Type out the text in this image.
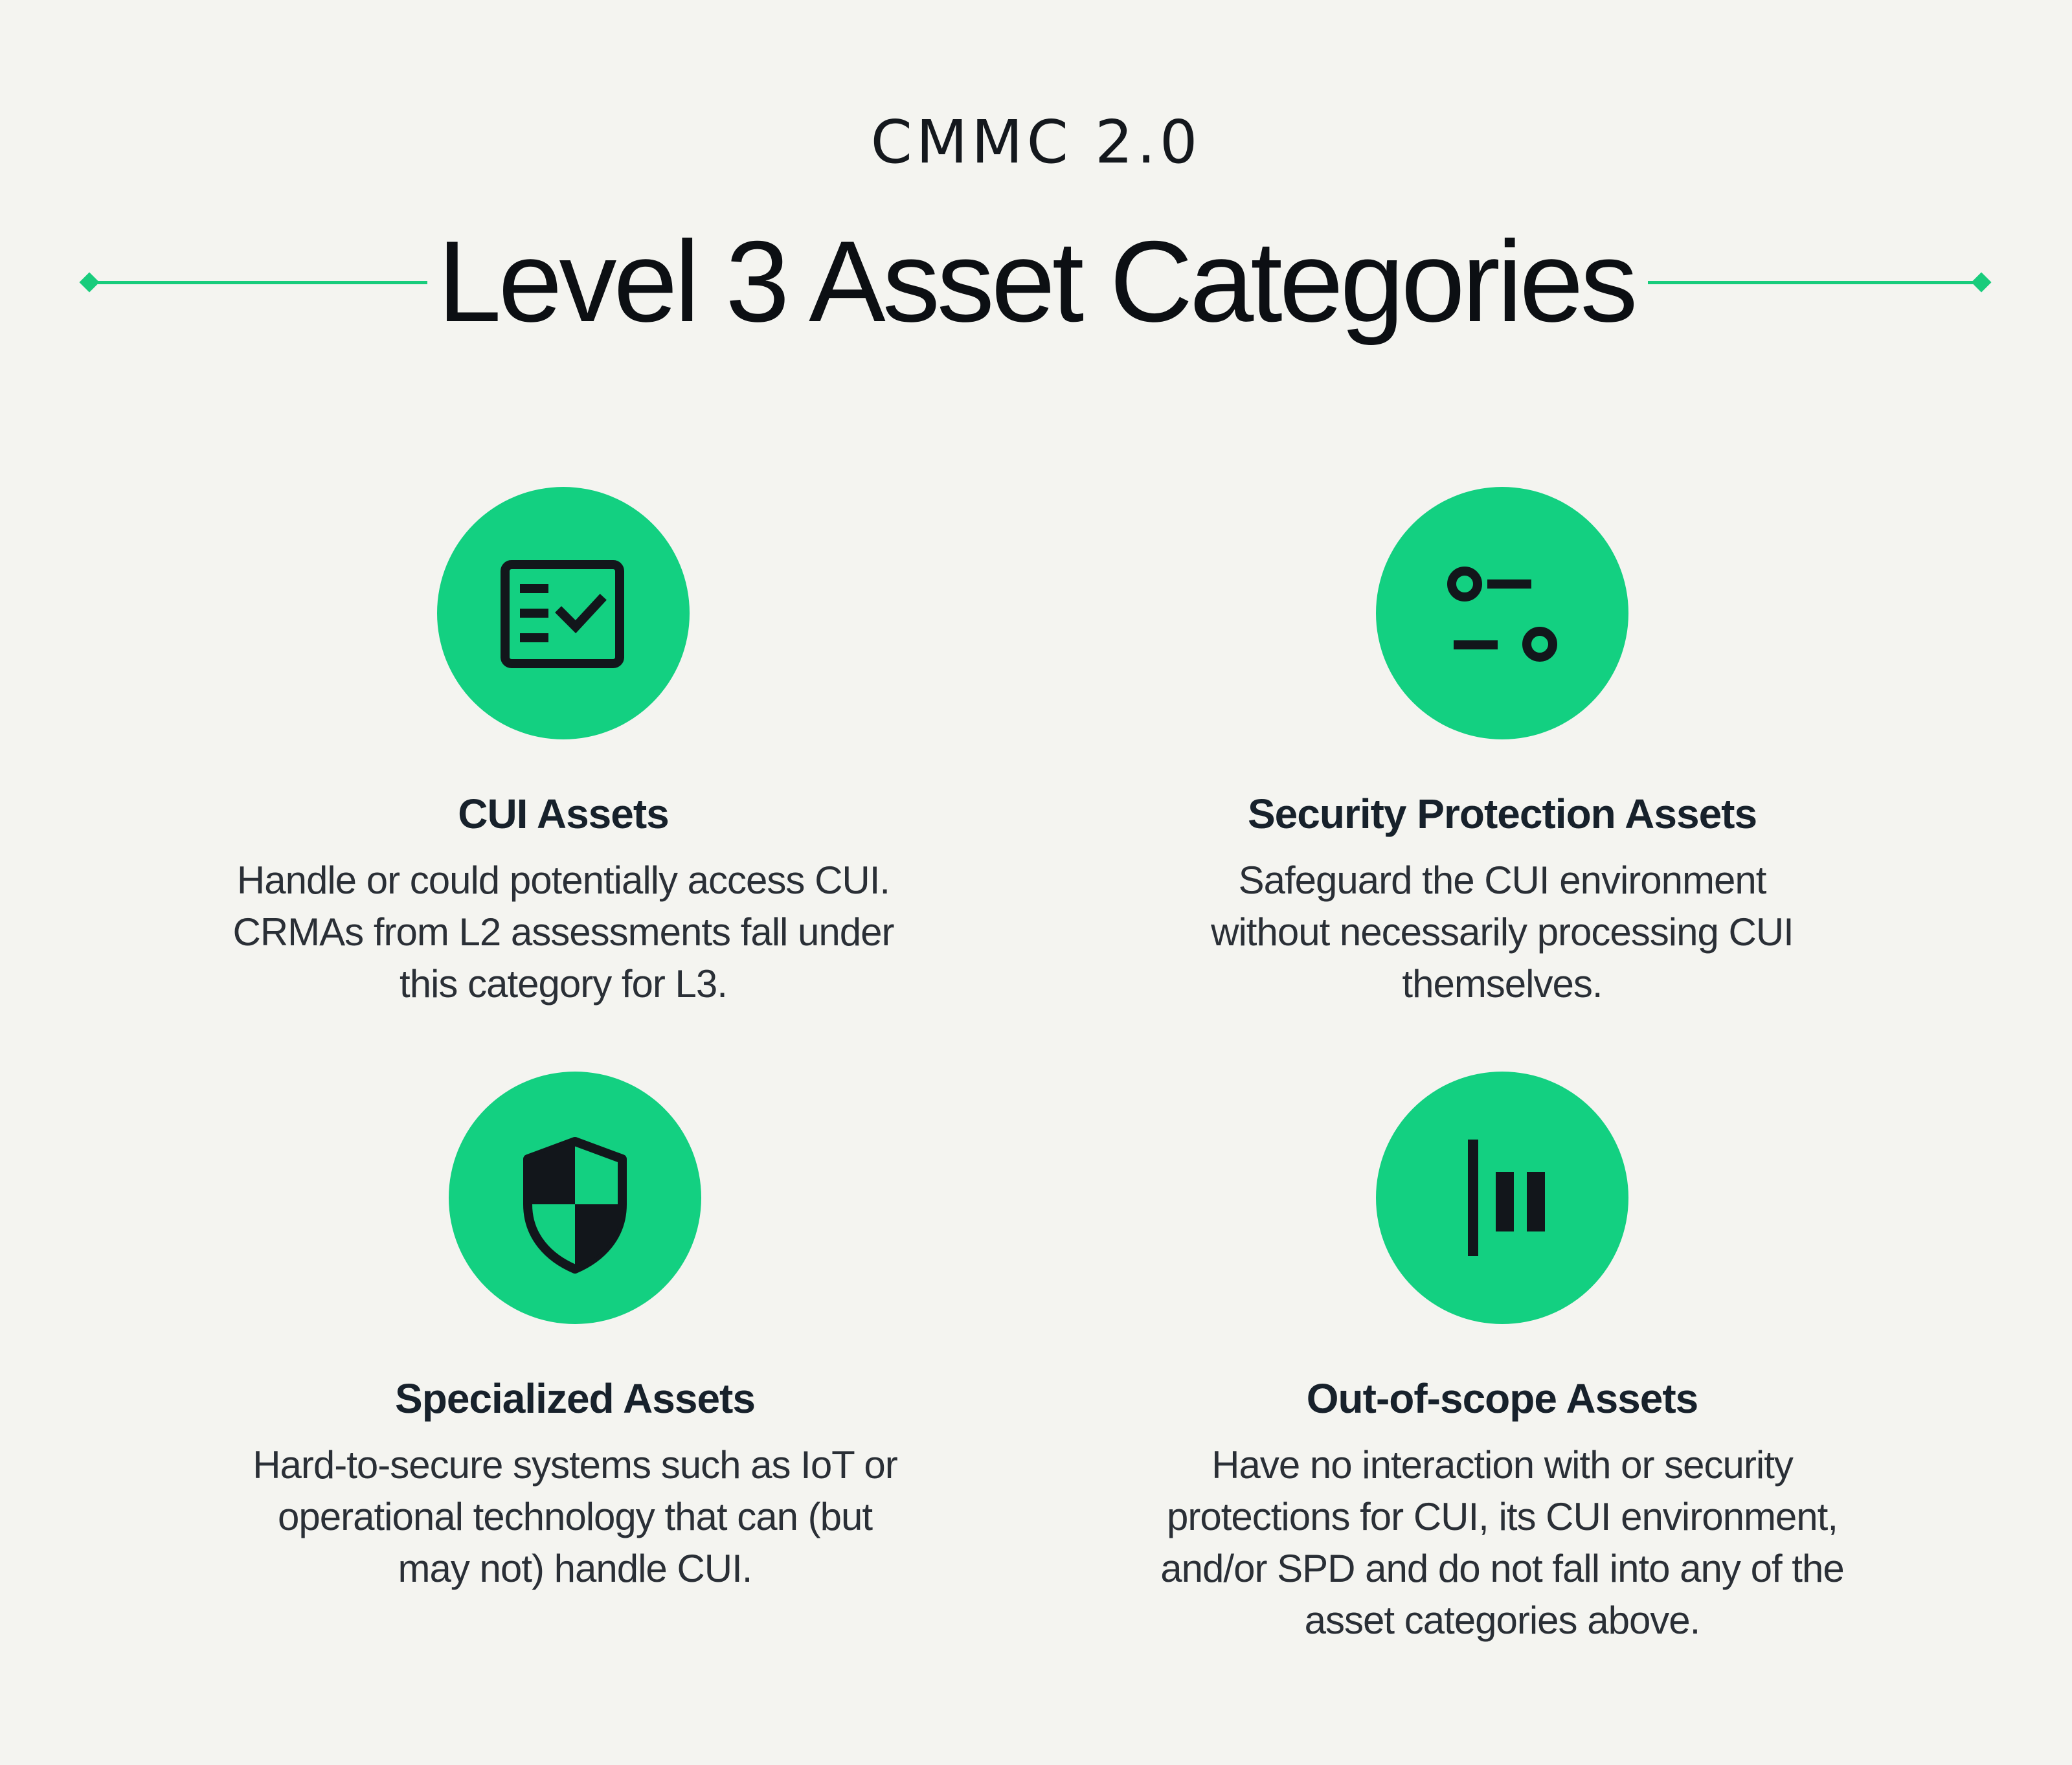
CMMC 2.0
Level 3 Asset Categories
CUI Assets
Handle or could potentially access CUI.
CRMAs from L2 assessments fall under
this category for L3.
Security Protection Assets
Safeguard the CUI environment
without necessarily processing CUI
themselves.
Specialized Assets
Hard-to-secure systems such as IoT or
operational technology that can (but
may not) handle CUI.
Out-of-scope Assets
Have no interaction with or security
protections for CUI, its CUI environment,
and/or SPD and do not fall into any of the
asset categories above.
